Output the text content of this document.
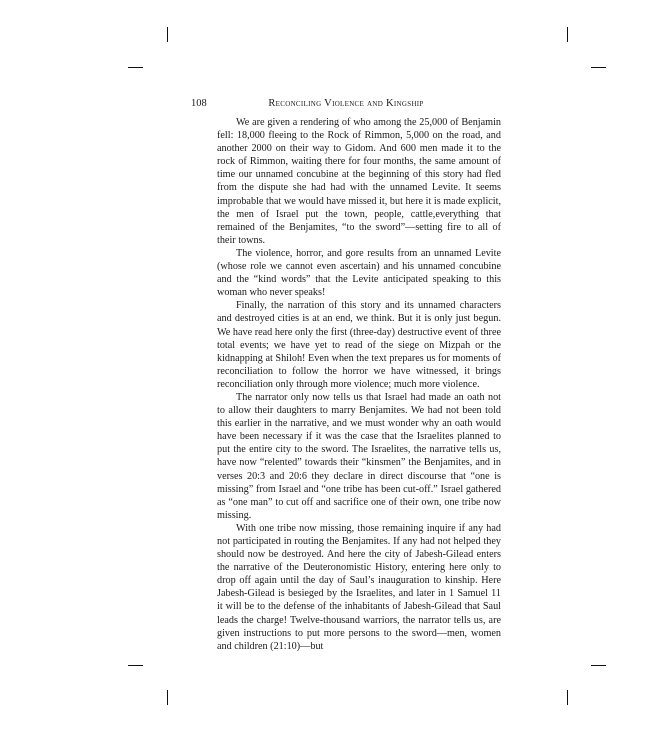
108	Reconciling Violence and Kingship

We are given a rendering of who among the 25,000 of Benjamin fell: 18,000 fleeing to the Rock of Rimmon, 5,000 on the road, and another 2000 on their way to Gidom. And 600 men made it to the rock of Rimmon, waiting there for four months, the same amount of time our unnamed concubine at the beginning of this story had fled from the dispute she had had with the unnamed Levite. It seems improbable that we would have missed it, but here it is made explicit, the men of Israel put the town, people, cattle,everything that remained of the Benjamites, “to the sword”—setting fire to all of their towns.

The violence, horror, and gore results from an unnamed Levite (whose role we cannot even ascertain) and his unnamed concubine and the “kind words” that the Levite anticipated speaking to this woman who never speaks!

Finally, the narration of this story and its unnamed characters and destroyed cities is at an end, we think. But it is only just begun. We have read here only the first (three-day) destructive event of three total events; we have yet to read of the siege on Mizpah or the kidnapping at Shiloh! Even when the text prepares us for moments of reconciliation to follow the horror we have witnessed, it brings reconciliation only through more violence; much more violence.

The narrator only now tells us that Israel had made an oath not to allow their daughters to marry Benjamites. We had not been told this earlier in the narrative, and we must wonder why an oath would have been necessary if it was the case that the Israelites planned to put the entire city to the sword. The Israelites, the narrative tells us, have now “relented” towards their “kinsmen” the Benjamites, and in verses 20:3 and 20:6 they declare in direct discourse that “one is missing” from Israel and “one tribe has been cut-off.” Israel gathered as “one man” to cut off and sacrifice one of their own, one tribe now missing.

With one tribe now missing, those remaining inquire if any had not participated in routing the Benjamites. If any had not helped they should now be destroyed. And here the city of Jabesh-Gilead enters the narrative of the Deuteronomistic History, entering here only to drop off again until the day of Saul’s inauguration to kinship. Here Jabesh-Gilead is besieged by the Israelites, and later in 1 Samuel 11 it will be to the defense of the inhabitants of Jabesh-Gilead that Saul leads the charge! Twelve-thousand warriors, the narrator tells us, are given instructions to put more persons to the sword—men, women and children (21:10)—but
